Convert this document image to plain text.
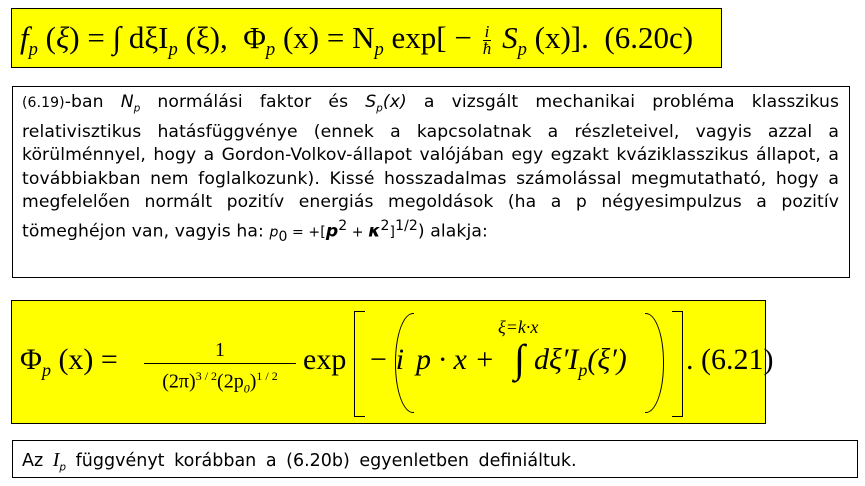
$f_p$ (ξ) = ∫ dξI$_p$ (ξ), $\Phi_p$ $(x) = N_p$ $\exp[ - \frac{i}{ħ} S_p$ (x)]. (6.20c)
(6.19)-ban $N_p$ normálási faktor és $S_p(x)$ a vizsgált mechanikai probléma klasszikus relativisztikus hatásfüggvénye (ennek a kapcsolatnak a részleteivel, vagyis azzal a körülménnyel, hogy a Gordon-Volkov-állapot valójában egy egzakt kváziklasszikus állapot, a továbbiakban nem foglalkozunk). Kissé hosszadalmas számolással megmutatható, hogy a megfelelően normált pozitív energiás megoldások (ha a p négyesimpulzus a pozitív tömeghéjon van, vagyis ha: $p_0 = +[p^2 + \kappa^2]^{1/2}$) alakja:
$\Phi_p$ $(x) = \frac{1}{(2\pi)^{3 / 2}(2p_0)^{1 / 2}}$ exp − i p · x +
ξ=k·x
∫ $d\xi'I_p(\xi')$ . (6.21)
Az $I_p$ függvényt korábban a (6.20b) egyenletben definiáltuk.
